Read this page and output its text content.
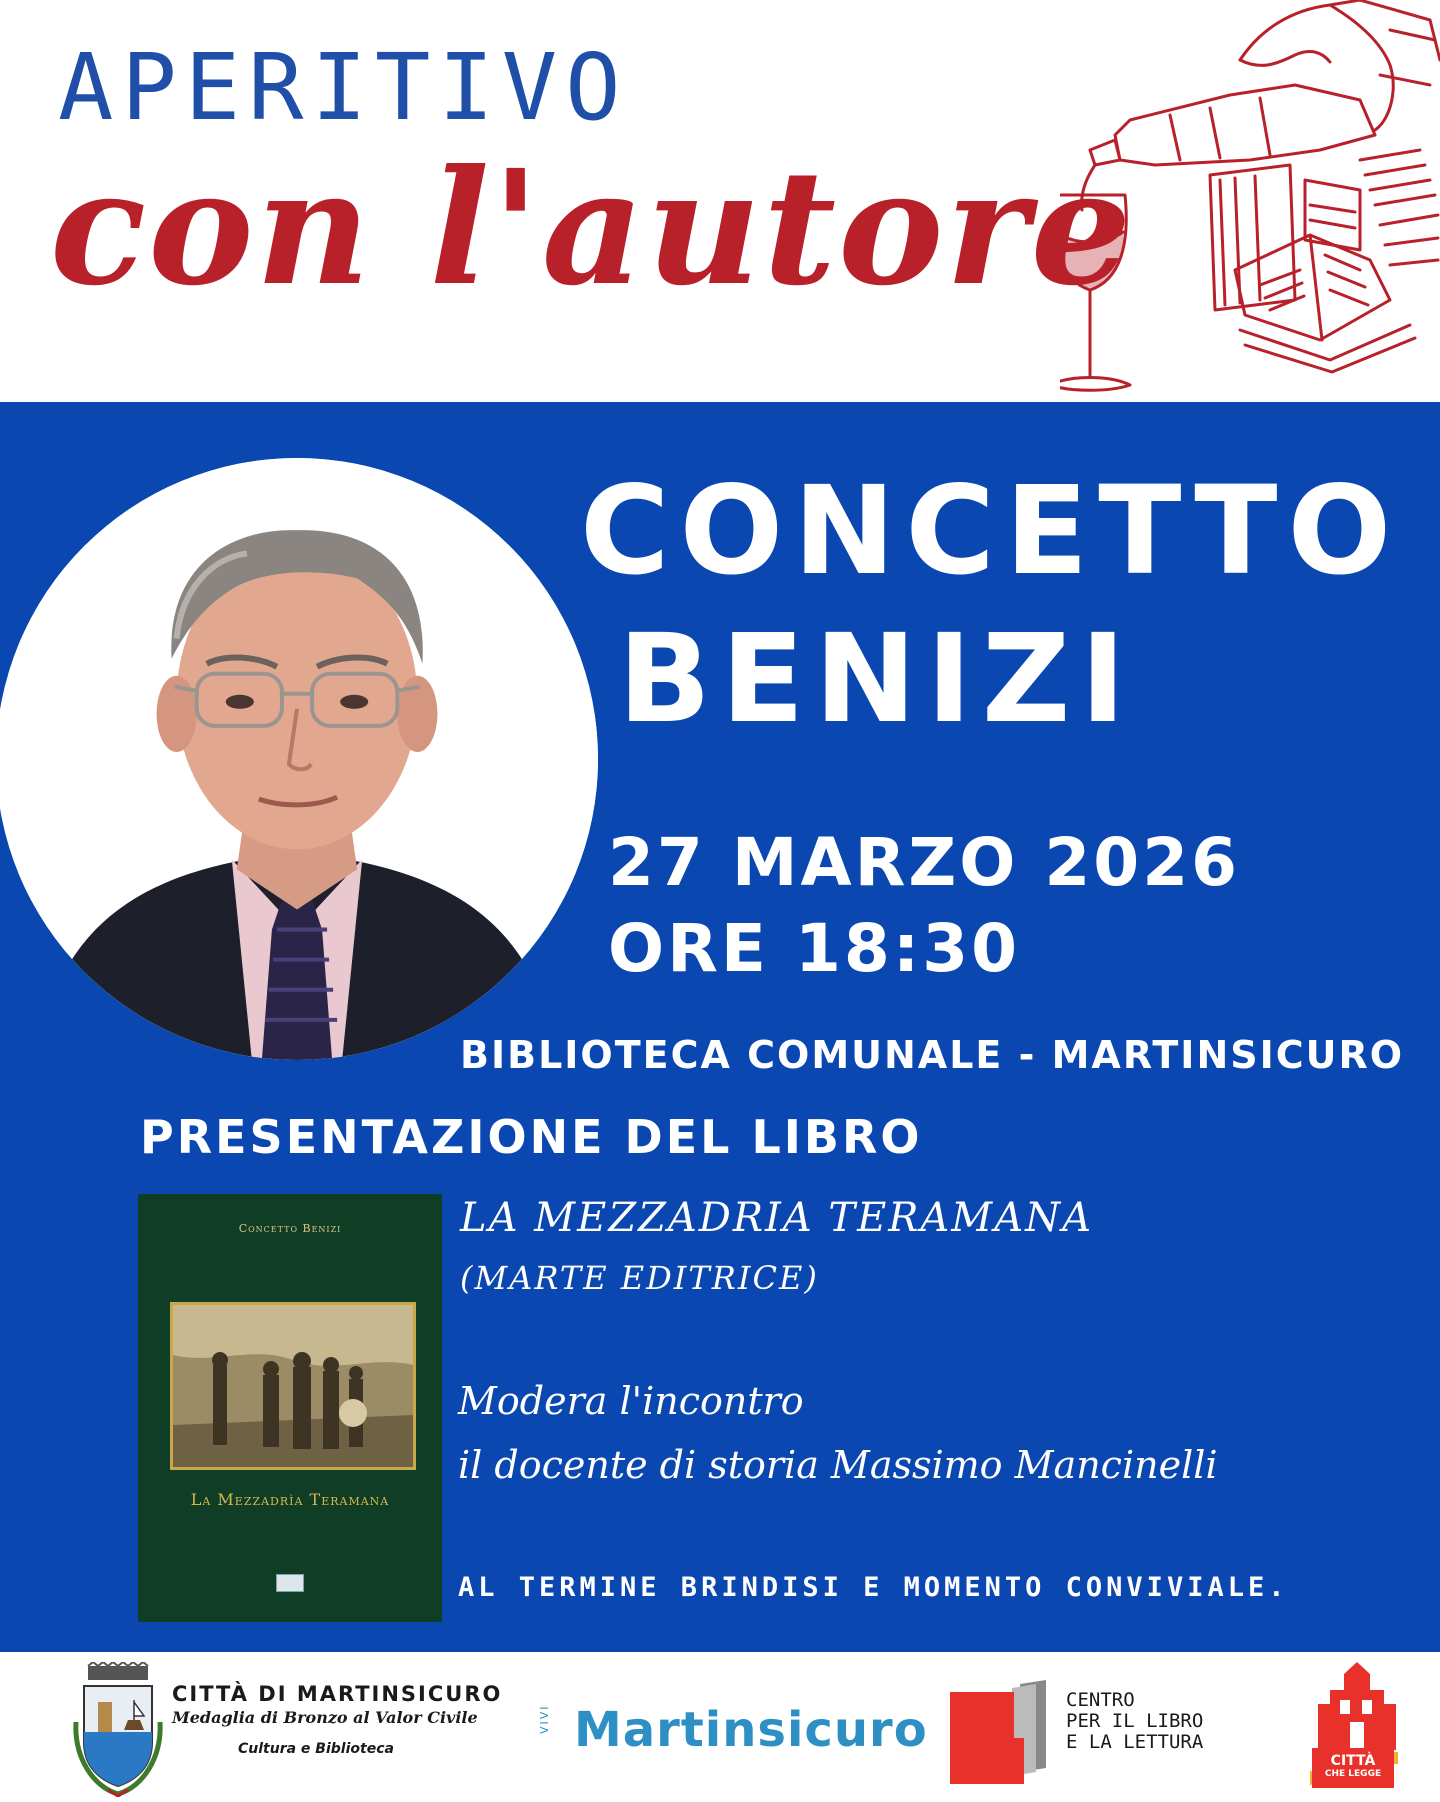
APERITIVO
con l'autore
CONCETTO
BENIZI
27 MARZO 2026
ORE 18:30
BIBLIOTECA COMUNALE - MARTINSICURO
PRESENTAZIONE DEL LIBRO
Concetto Benizi
La Mezzadrìa Teramana
LA MEZZADRIA TERAMANA
(MARTE EDITRICE)
Modera l'incontro
il docente di storia Massimo Mancinelli
AL TERMINE BRINDISI E MOMENTO CONVIVIALE.
CITTÀ DI MARTINSICURO
Medaglia di Bronzo al Valor Civile
Cultura e Biblioteca
VIVI Martinsicuro
CENTRO
PER IL LIBRO
E LA LETTURA
CITTÀ
CHE LEGGE
